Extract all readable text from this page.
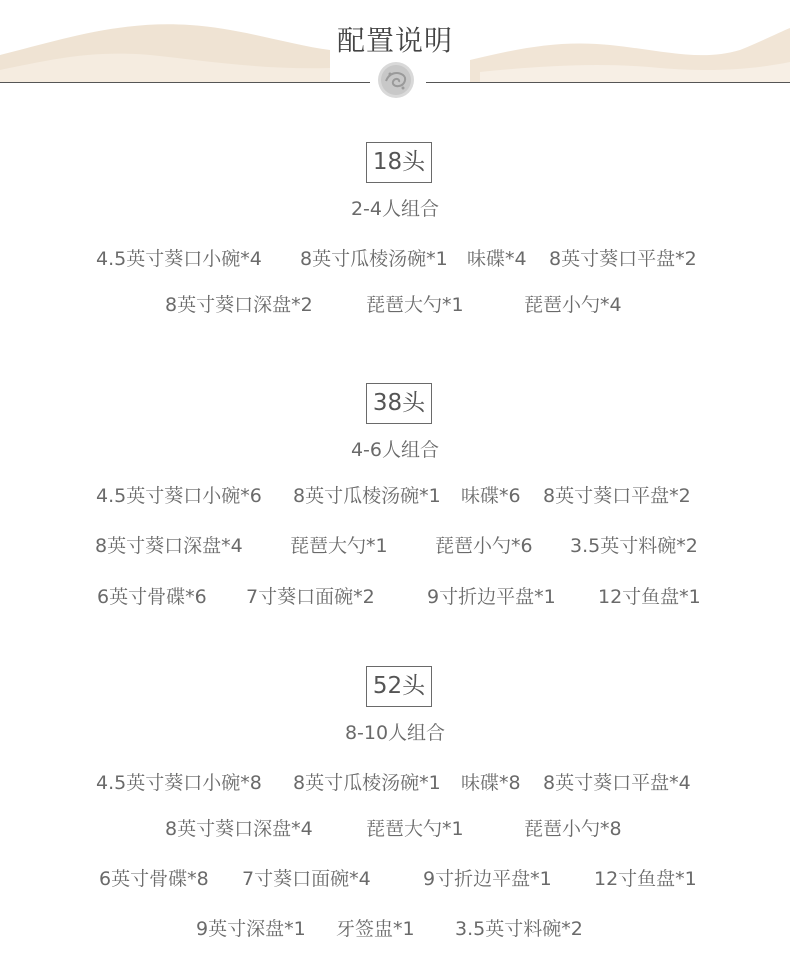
配置说明
18头
2-4人组合
4.5英寸葵口小碗*4 8英寸瓜棱汤碗*1 味碟*4 8英寸葵口平盘*2
8英寸葵口深盘*2	琵琶大勺*1	琵琶小勺*4
38头
4-6人组合
4.5英寸葵口小碗*6 8英寸瓜棱汤碗*1 味碟*6 8英寸葵口平盘*2
8英寸葵口深盘*4 琵琶大勺*1 琵琶小勺*6 3.5英寸料碗*2
6英寸骨碟*6 7寸葵口面碗*2	9寸折边平盘*1 12寸鱼盘*1
52头
8-10人组合
4.5英寸葵口小碗*8 8英寸瓜棱汤碗*1 味碟*8 8英寸葵口平盘*4
8英寸葵口深盘*4	琵琶大勺*1	琵琶小勺*8
6英寸骨碟*8 7寸葵口面碗*4	9寸折边平盘*1 12寸鱼盘*1
9英寸深盘*1 牙签盅*1 3.5英寸料碗*2
